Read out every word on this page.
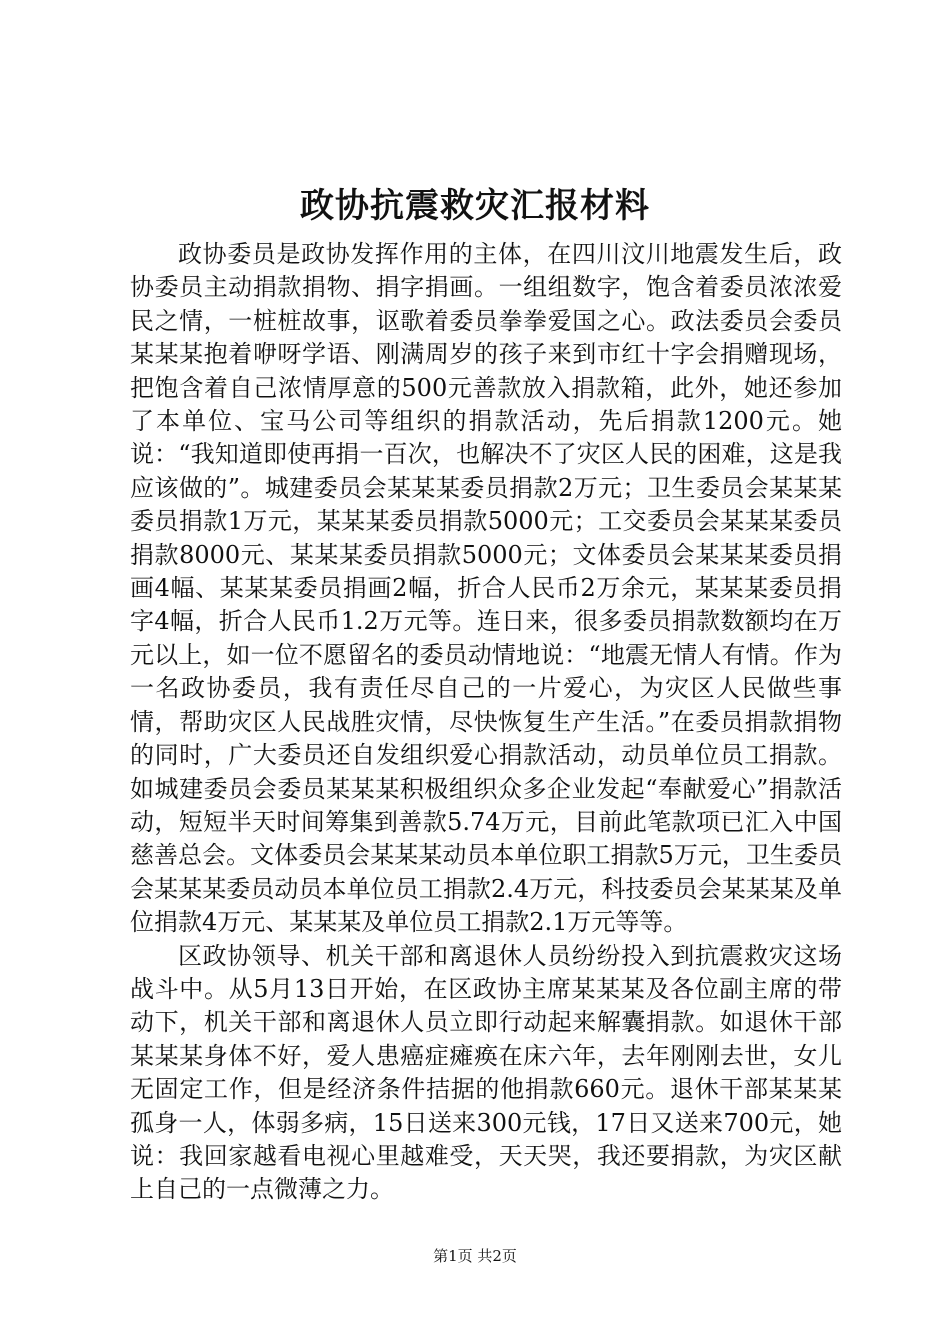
政协抗震救灾汇报材料

政协委员是政协发挥作用的主体，在四川汶川地震发生后，政协委员主动捐款捐物、捐字捐画。一组组数字，饱含着委员浓浓爱民之情，一桩桩故事，讴歌着委员拳拳爱国之心。政法委员会委员某某某抱着咿呀学语、刚满周岁的孩子来到市红十字会捐赠现场，把饱含着自己浓情厚意的500元善款放入捐款箱，此外，她还参加了本单位、宝马公司等组织的捐款活动，先后捐款1200元。她说：“我知道即使再捐一百次，也解决不了灾区人民的困难，这是我应该做的”。城建委员会某某某委员捐款2万元；卫生委员会某某某委员捐款1万元，某某某委员捐款5000元；工交委员会某某某委员捐款8000元、某某某委员捐款5000元；文体委员会某某某委员捐画4幅、某某某委员捐画2幅，折合人民币2万余元，某某某委员捐字4幅，折合人民币1.2万元等。连日来，很多委员捐款数额均在万元以上，如一位不愿留名的委员动情地说：“地震无情人有情。作为一名政协委员，我有责任尽自己的一片爱心，为灾区人民做些事情，帮助灾区人民战胜灾情，尽快恢复生产生活。”在委员捐款捐物的同时，广大委员还自发组织爱心捐款活动，动员单位员工捐款。如城建委员会委员某某某积极组织众多企业发起“奉献爱心”捐款活动，短短半天时间筹集到善款5.74万元，目前此笔款项已汇入中国慈善总会。文体委员会某某某动员本单位职工捐款5万元，卫生委员会某某某委员动员本单位员工捐款2.4万元，科技委员会某某某及单位捐款4万元、某某某及单位员工捐款2.1万元等等。

区政协领导、机关干部和离退休人员纷纷投入到抗震救灾这场战斗中。从5月13日开始，在区政协主席某某某及各位副主席的带动下，机关干部和离退休人员立即行动起来解囊捐款。如退休干部某某某身体不好，爱人患癌症瘫痪在床六年，去年刚刚去世，女儿无固定工作，但是经济条件拮据的他捐款660元。退休干部某某某孤身一人，体弱多病，15日送来300元钱，17日又送来700元，她说：我回家越看电视心里越难受，天天哭，我还要捐款，为灾区献上自己的一点微薄之力。

第1页 共2页
